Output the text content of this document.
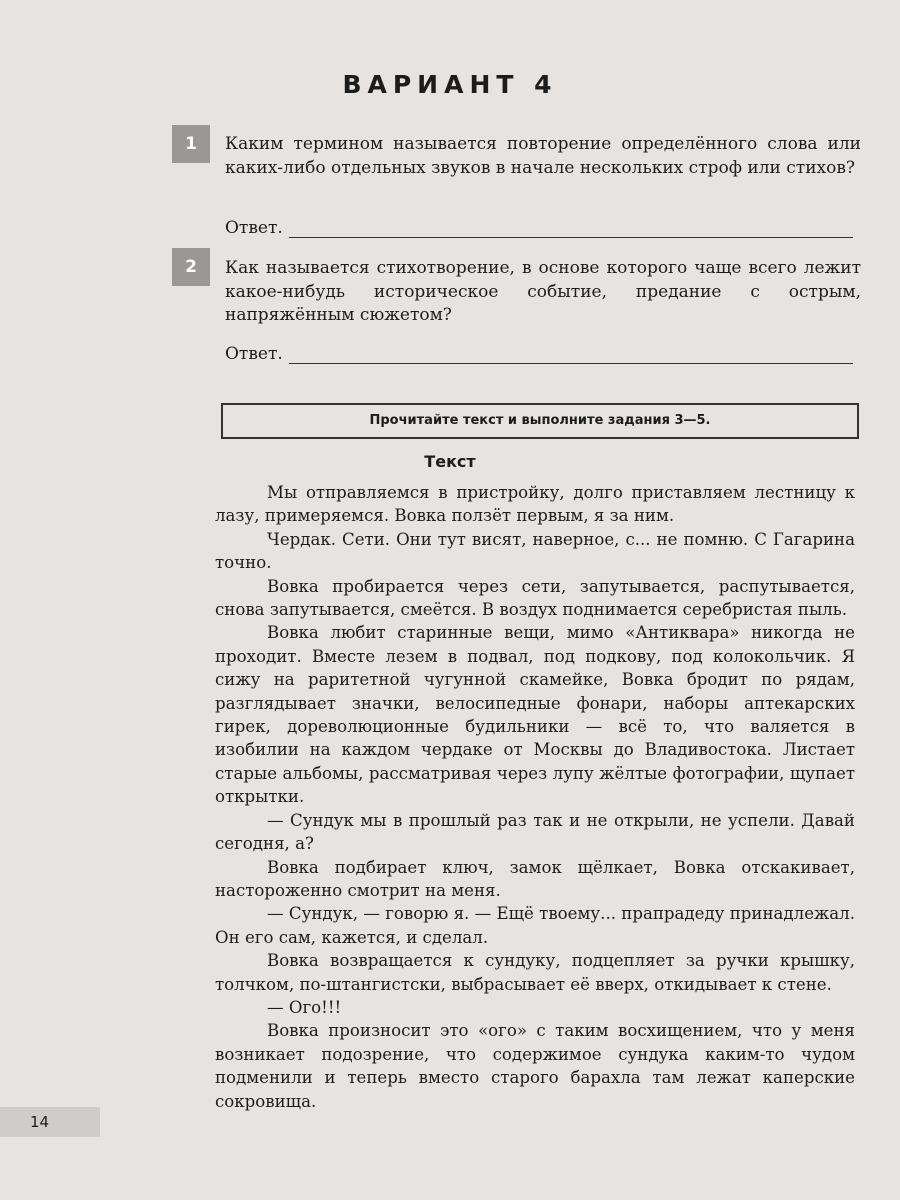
ВАРИАНТ 4
1	Каким термином называется повторение определённого слова или каких-либо отдельных звуков в начале нескольких строф или стихов?
Ответ.
2	Как называется стихотворение, в основе которого чаще всего лежит какое-нибудь историческое событие, предание с острым, напряжённым сюжетом?
Ответ.
Прочитайте текст и выполните задания 3—5.
Текст

Мы отправляемся в пристройку, долго приставляем лестницу к лазу, примеряемся. Вовка ползёт первым, я за ним.

Чердак. Сети. Они тут висят, наверное, с... не помню. С Гагарина точно.

Вовка пробирается через сети, запутывается, распутывается, снова запутывается, смеётся. В воздух поднимается серебристая пыль.

Вовка любит старинные вещи, мимо «Антиквара» никогда не проходит. Вместе лезем в подвал, под подкову, под колокольчик. Я сижу на раритетной чугунной скамейке, Вовка бродит по рядам, разглядывает значки, велосипедные фонари, наборы аптекарских гирек, дореволюционные будильники — всё то, что валяется в изобилии на каждом чердаке от Москвы до Владивостока. Листает старые альбомы, рассматривая через лупу жёлтые фотографии, щупает открытки.

— Сундук мы в прошлый раз так и не открыли, не успели. Давай сегодня, а?

Вовка подбирает ключ, замок щёлкает, Вовка отскакивает, настороженно смотрит на меня.

— Сундук, — говорю я. — Ещё твоему... прапрадеду принадлежал. Он его сам, кажется, и сделал.

Вовка возвращается к сундуку, подцепляет за ручки крышку, толчком, по-штангистски, выбрасывает её вверх, откидывает к стене.

— Ого!!!

Вовка произносит это «ого» с таким восхищением, что у меня возникает подозрение, что содержимое сундука каким-то чудом подменили и теперь вместо старого барахла там лежат каперские сокровища.

14
